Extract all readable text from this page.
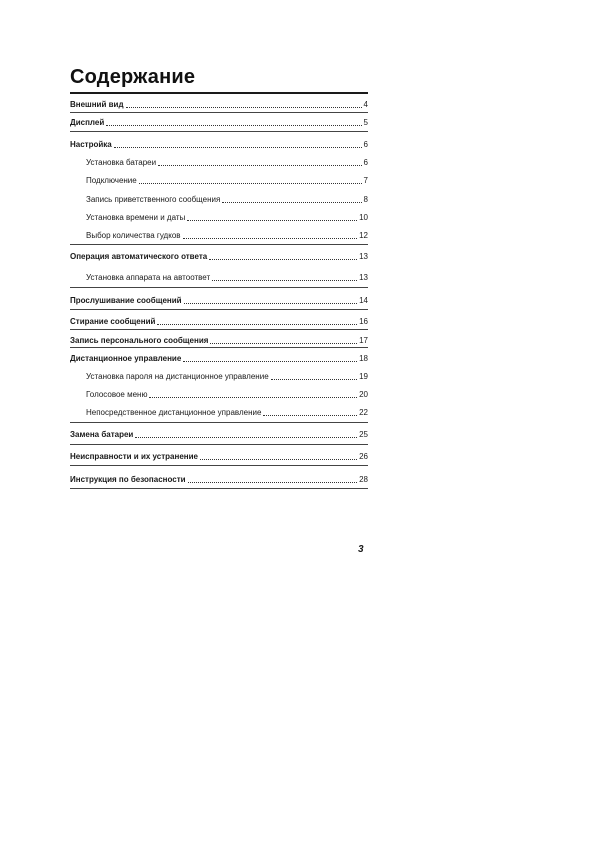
Содержание
Внешний вид	4
Дисплей	5
Настройка	6
Установка батареи	6
Подключение	7
Запись приветственного сообщения	8
Установка времени и даты	10
Выбор количества гудков	12
Операция автоматического ответа	13
Установка аппарата на автоответ	13
Прослушивание сообщений	14
Стирание сообщений	16
Запись персонального сообщения	17
Дистанционное управление	18
Установка пароля на дистанционное управление	19
Голосовое меню	20
Непосредственное дистанционное управление	22
Замена батареи	25
Неисправности и их устранение	26
Инструкция по безопасности	28
3
